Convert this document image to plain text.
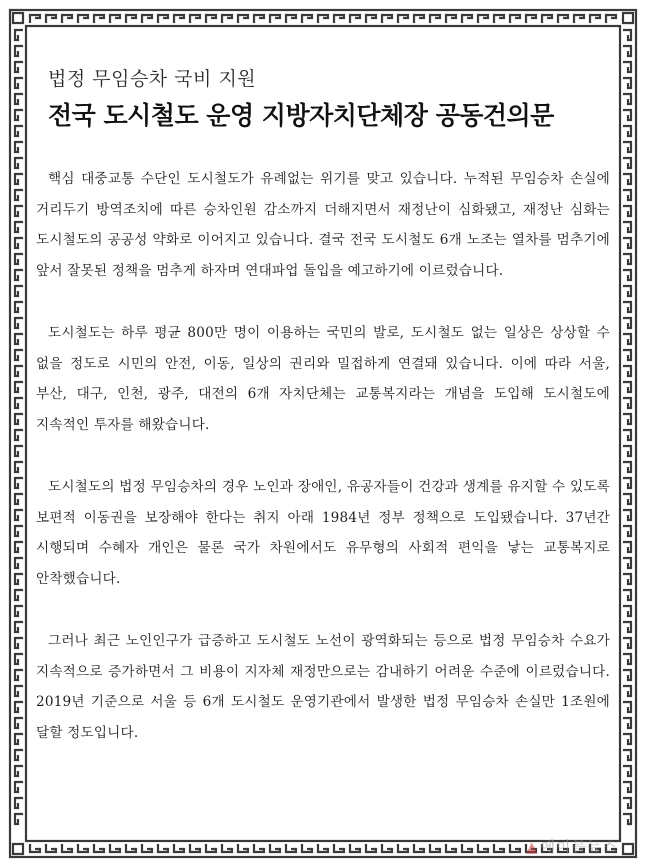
법정 무임승차 국비 지원
전국 도시철도 운영 지방자치단체장 공동건의문

핵심 대중교통 수단인 도시철도가 유례없는 위기를 맞고 있습니다. 누적된 무임승차 손실에 거리두기 방역조치에 따른 승차인원 감소까지 더해지면서 재정난이 심화됐고, 재정난 심화는 도시철도의 공공성 약화로 이어지고 있습니다. 결국 전국 도시철도 6개 노조는 열차를 멈추기에 앞서 잘못된 정책을 멈추게 하자며 연대파업 돌입을 예고하기에 이르렀습니다.

도시철도는 하루 평균 800만 명이 이용하는 국민의 발로, 도시철도 없는 일상은 상상할 수 없을 정도로 시민의 안전, 이동, 일상의 권리와 밀접하게 연결돼 있습니다. 이에 따라 서울, 부산, 대구, 인천, 광주, 대전의 6개 자치단체는 교통복지라는 개념을 도입해 도시철도에 지속적인 투자를 해왔습니다.

도시철도의 법정 무임승차의 경우 노인과 장애인, 유공자들이 건강과 생계를 유지할 수 있도록 보편적 이동권을 보장해야 한다는 취지 아래 1984년 정부 정책으로 도입됐습니다. 37년간 시행되며 수혜자 개인은 물론 국가 차원에서도 유무형의 사회적 편익을 낳는 교통복지로 안착했습니다.

그러나 최근 노인인구가 급증하고 도시철도 노선이 광역화되는 등으로 법정 무임승차 수요가 지속적으로 증가하면서 그 비용이 지자체 재정만으로는 감내하기 어려운 수준에 이르렀습니다. 2019년 기준으로 서울 등 6개 도시철도 운영기관에서 발생한 법정 무임승차 손실만 1조원에 달할 정도입니다.

▲ 에이블뉴스
